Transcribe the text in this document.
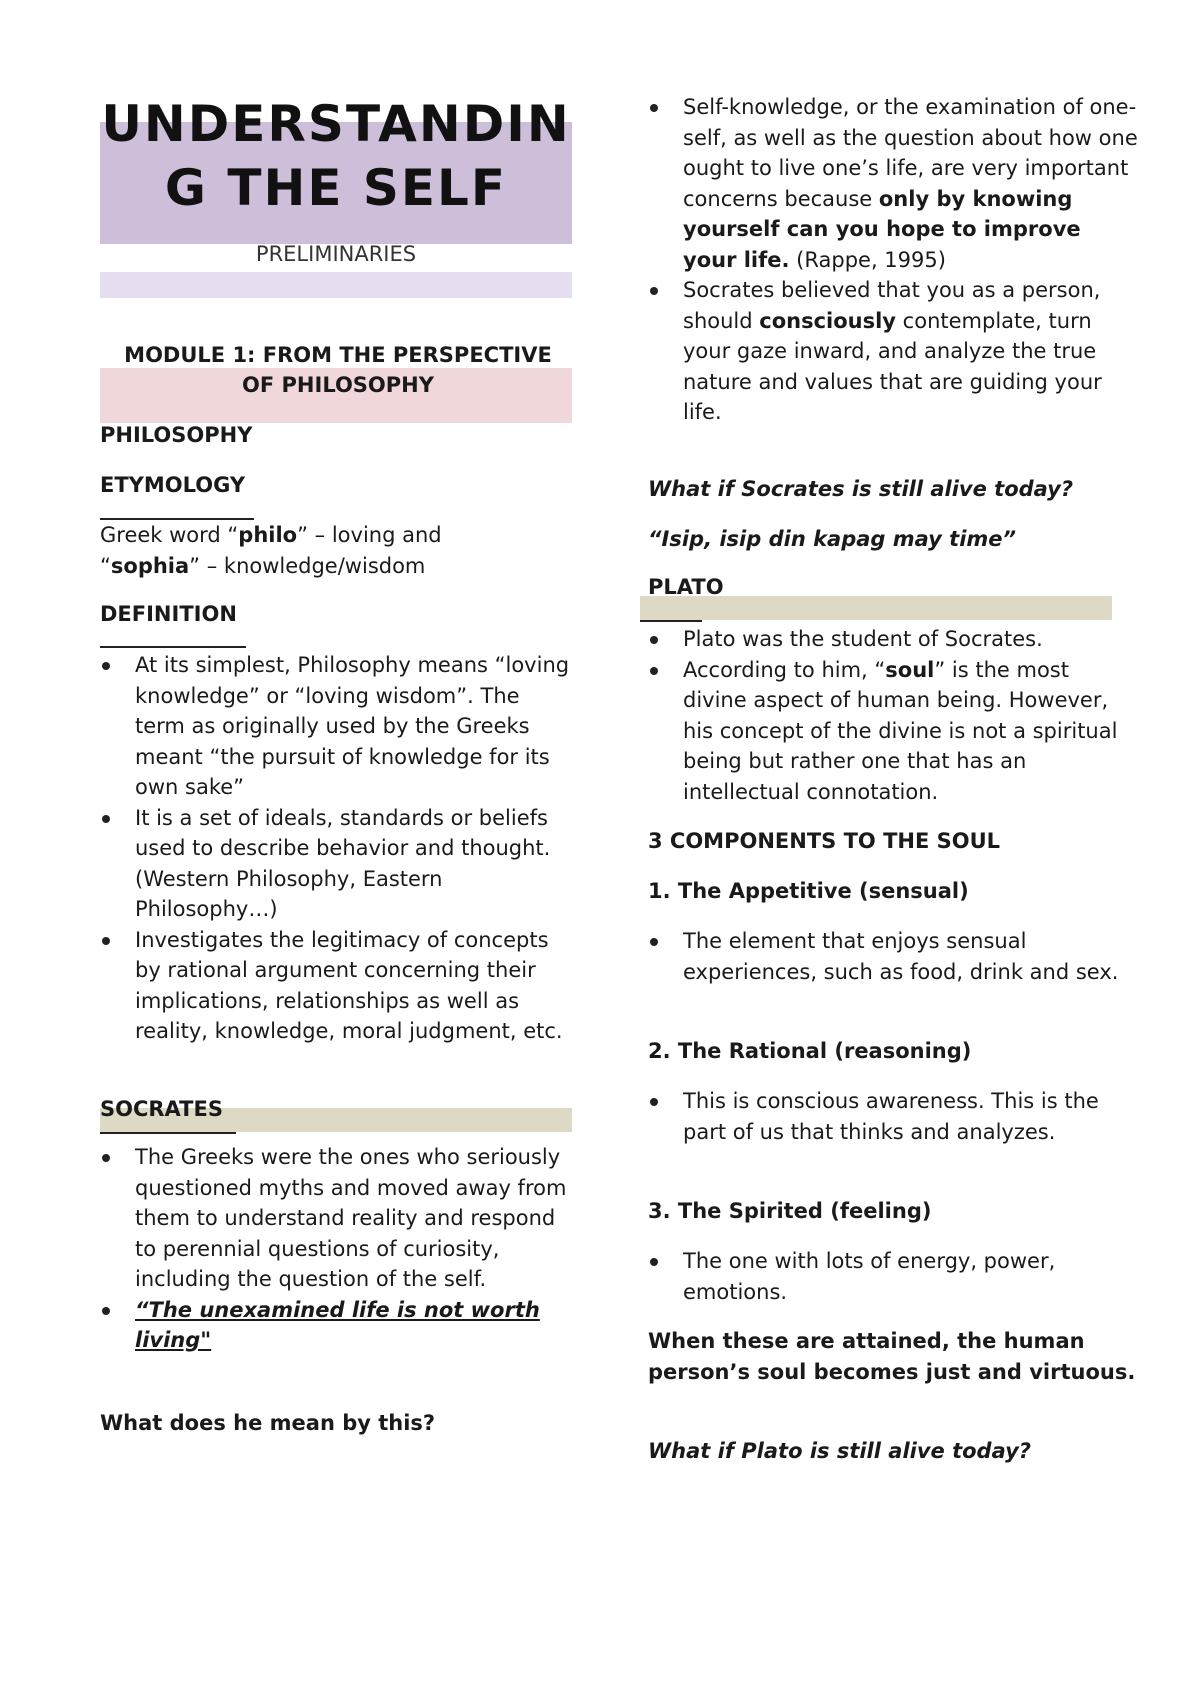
UNDERSTANDIN
G THE SELF
PRELIMINARIES
MODULE 1: FROM THE PERSPECTIVE
OF PHILOSOPHY
PHILOSOPHY
ETYMOLOGY
Greek word “philo” – loving and
“sophia” – knowledge/wisdom
DEFINITION
At its simplest, Philosophy means “loving knowledge” or “loving wisdom”. The term as originally used by the Greeks meant “the pursuit of knowledge for its own sake”
It is a set of ideals, standards or beliefs used to describe behavior and thought. (Western Philosophy, Eastern Philosophy…)
Investigates the legitimacy of concepts by rational argument concerning their implications, relationships as well as reality, knowledge, moral judgment, etc.
SOCRATES
The Greeks were the ones who seriously questioned myths and moved away from them to understand reality and respond to perennial questions of curiosity, including the question of the self.
“The unexamined life is not worth living"
What does he mean by this?
Self-knowledge, or the examination of one-self, as well as the question about how one ought to live one’s life, are very important concerns because only by knowing yourself can you hope to improve your life. (Rappe, 1995)
Socrates believed that you as a person, should consciously contemplate, turn your gaze inward, and analyze the true nature and values that are guiding your life.
What if Socrates is still alive today?
“Isip, isip din kapag may time”
PLATO
Plato was the student of Socrates.
According to him, “soul” is the most divine aspect of human being. However, his concept of the divine is not a spiritual being but rather one that has an intellectual connotation.
3 COMPONENTS TO THE SOUL
1. The Appetitive (sensual)
The element that enjoys sensual experiences, such as food, drink and sex.
2. The Rational (reasoning)
This is conscious awareness. This is the part of us that thinks and analyzes.
3. The Spirited (feeling)
The one with lots of energy, power, emotions.
When these are attained, the human person’s soul becomes just and virtuous.
What if Plato is still alive today?
